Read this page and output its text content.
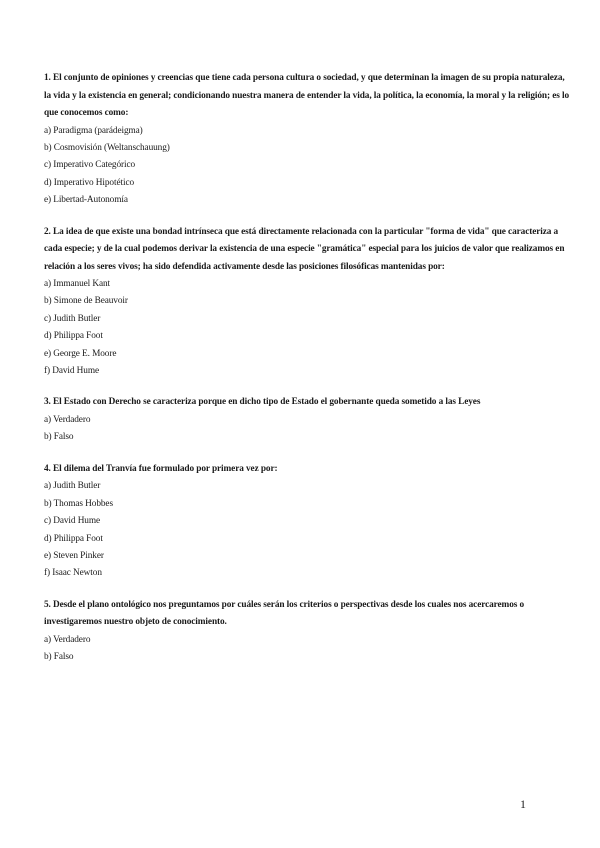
1. El conjunto de opiniones y creencias que tiene cada persona cultura o sociedad, y que determinan la imagen de su propia naturaleza, la vida y la existencia en general; condicionando nuestra manera de entender la vida, la política, la economía, la moral y la religión; es lo que conocemos como:

a) Paradigma (parádeigma)
b) Cosmovisión (Weltanschauung)
c) Imperativo Categórico
d) Imperativo Hipotético
e) Libertad-Autonomía

2. La idea de que existe una bondad intrínseca que está directamente relacionada con la particular "forma de vida" que caracteriza a cada especie; y de la cual podemos derivar la existencia de una especie "gramática" especial para los juicios de valor que realizamos en relación a los seres vivos; ha sido defendida activamente desde las posiciones filosóficas mantenidas por:

a) Immanuel Kant
b) Simone de Beauvoir
c) Judith Butler
d) Philippa Foot
e) George E. Moore
f) David Hume

3. El Estado con Derecho se caracteriza porque en dicho tipo de Estado el gobernante queda sometido a las Leyes

a) Verdadero
b) Falso

4. El dilema del Tranvía fue formulado por primera vez por:

a) Judith Butler
b) Thomas Hobbes
c) David Hume
d) Philippa Foot
e) Steven Pinker
f) Isaac Newton

5. Desde el plano ontológico nos preguntamos por cuáles serán los criterios o perspectivas desde los cuales nos acercaremos o investigaremos nuestro objeto de conocimiento.

a) Verdadero
b) Falso
1
